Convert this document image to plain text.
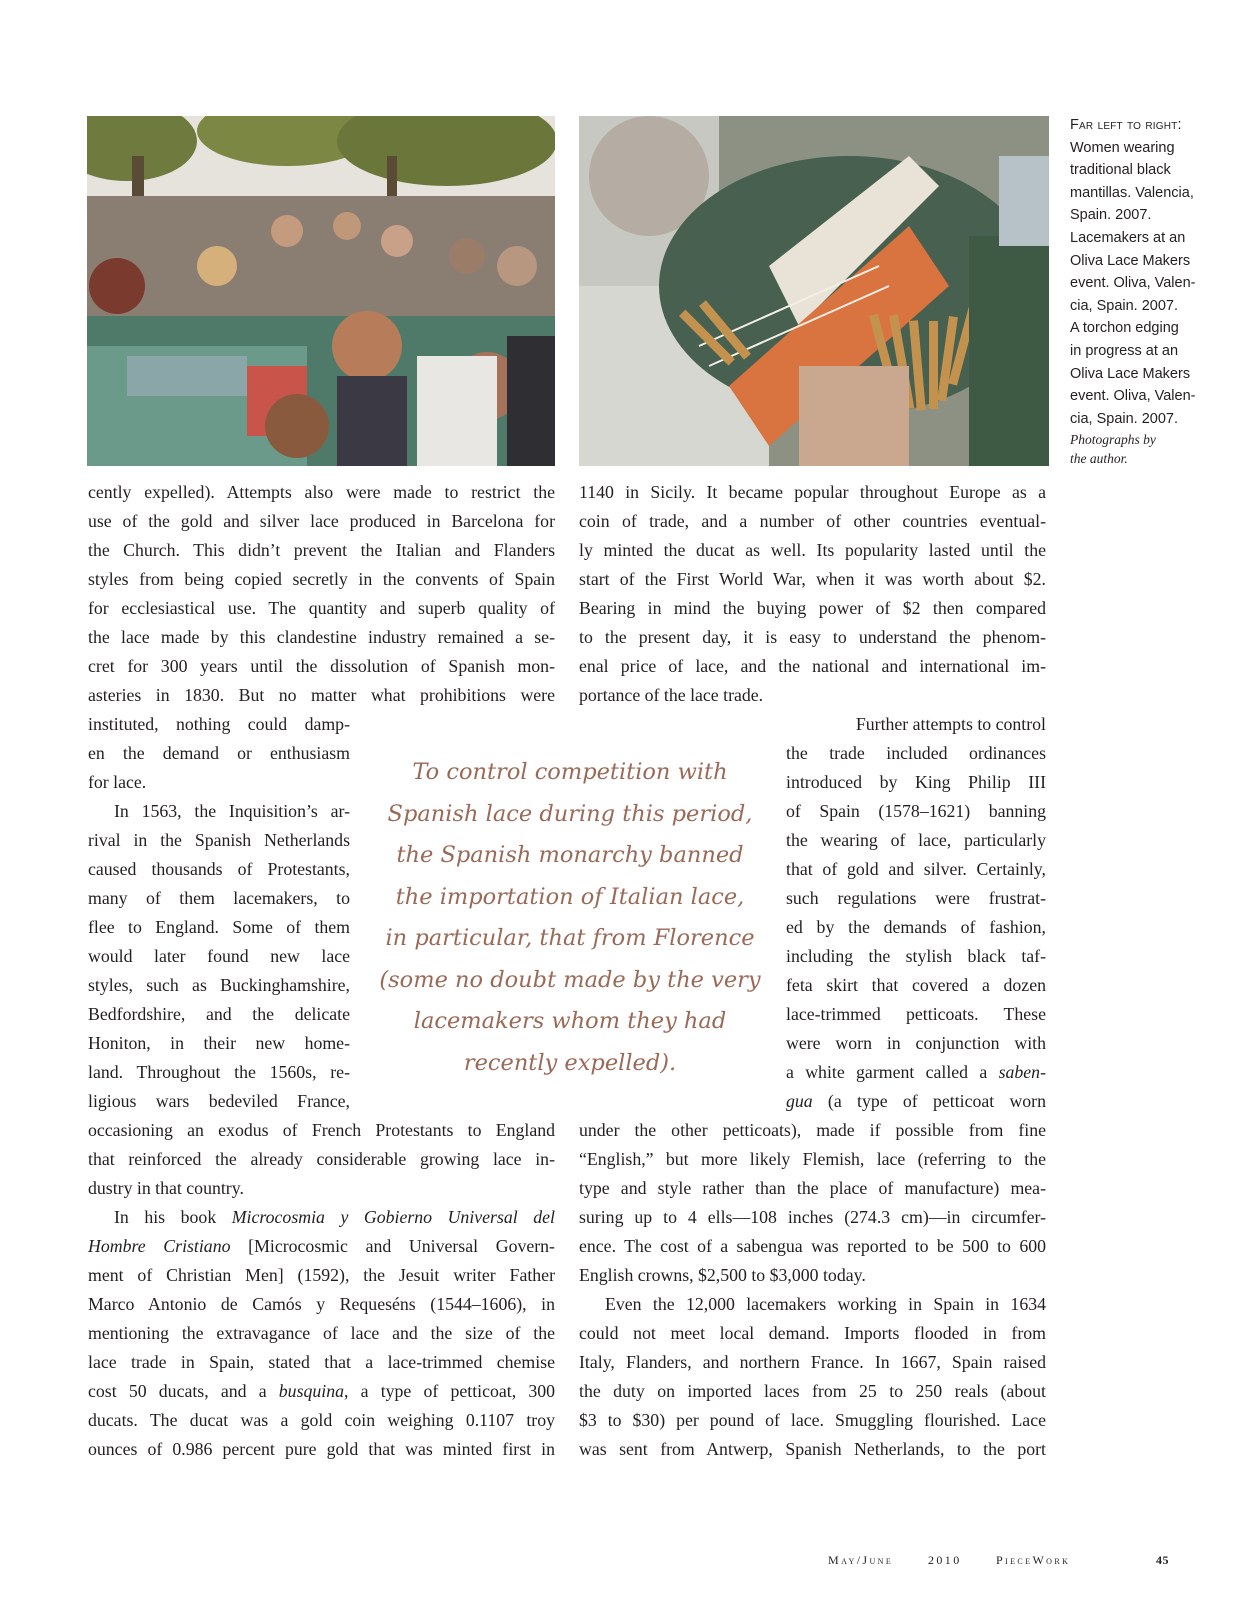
Far left to right:
Women wearing
traditional black
mantillas. Valencia,
Spain. 2007.
Lacemakers at an
Oliva Lace Makers
event. Oliva, Valen-
cia, Spain. 2007.
A torchon edging
in progress at an
Oliva Lace Makers
event. Oliva, Valen-
cia, Spain. 2007.
Photographs by
the author.
cently expelled). Attempts also were made to restrict the
use of the gold and silver lace produced in Barcelona for
the Church. This didn’t prevent the Italian and Flanders
styles from being copied secretly in the convents of Spain
for ecclesiastical use. The quantity and superb quality of
the lace made by this clandestine industry remained a se-
cret for 300 years until the dissolution of Spanish mon-
asteries in 1830. But no matter what prohibitions were
instituted, nothing could damp-
en the demand or enthusiasm
for lace.
In 1563, the Inquisition’s ar-
rival in the Spanish Netherlands
caused thousands of Protestants,
many of them lacemakers, to
flee to England. Some of them
would later found new lace
styles, such as Buckinghamshire,
Bedfordshire, and the delicate
Honiton, in their new home-
land. Throughout the 1560s, re-
ligious wars bedeviled France,
occasioning an exodus of French Protestants to England
that reinforced the already considerable growing lace in-
dustry in that country.
In his book Microcosmia y Gobierno Universal del
Hombre Cristiano [Microcosmic and Universal Govern-
ment of Christian Men] (1592), the Jesuit writer Father
Marco Antonio de Camós y Requeséns (1544–1606), in
mentioning the extravagance of lace and the size of the
lace trade in Spain, stated that a lace-trimmed chemise
cost 50 ducats, and a busquina, a type of petticoat, 300
ducats. The ducat was a gold coin weighing 0.1107 troy
ounces of 0.986 percent pure gold that was minted first in
1140 in Sicily. It became popular throughout Europe as a
coin of trade, and a number of other countries eventual-
ly minted the ducat as well. Its popularity lasted until the
start of the First World War, when it was worth about $2.
Bearing in mind the buying power of $2 then compared
to the present day, it is easy to understand the phenom-
enal price of lace, and the national and international im-
portance of the lace trade.
Further attempts to control
the trade included ordinances
introduced by King Philip III
of Spain (1578–1621) banning
the wearing of lace, particularly
that of gold and silver. Certainly,
such regulations were frustrat-
ed by the demands of fashion,
including the stylish black taf-
feta skirt that covered a dozen
lace-trimmed petticoats. These
were worn in conjunction with
a white garment called a saben-
gua (a type of petticoat worn
under the other petticoats), made if possible from fine
“English,” but more likely Flemish, lace (referring to the
type and style rather than the place of manufacture) mea-
suring up to 4 ells—108 inches (274.3 cm)—in circumfer-
ence. The cost of a sabengua was reported to be 500 to 600
English crowns, $2,500 to $3,000 today.
Even the 12,000 lacemakers working in Spain in 1634
could not meet local demand. Imports flooded in from
Italy, Flanders, and northern France. In 1667, Spain raised
the duty on imported laces from 25 to 250 reals (about
$3 to $30) per pound of lace. Smuggling flourished. Lace
was sent from Antwerp, Spanish Netherlands, to the port
To control competition with
Spanish lace during this period,
the Spanish monarchy banned
the importation of Italian lace,
in particular, that from Florence
(some no doubt made by the very
lacemakers whom they had
recently expelled).
May/June	2010	PieceWork	45
